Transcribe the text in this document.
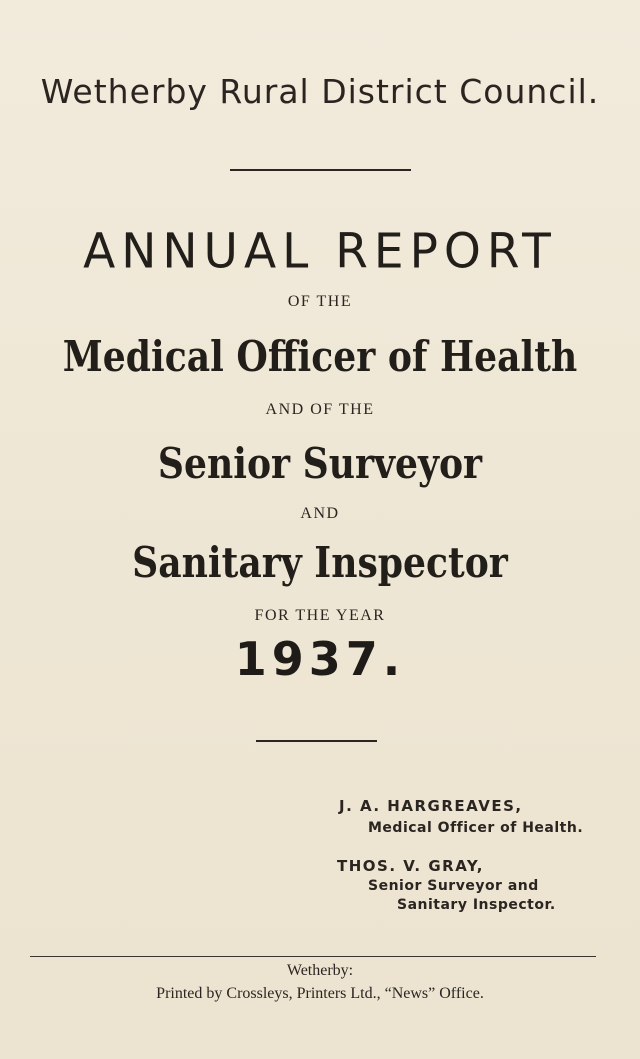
Wetherby Rural District Council.
ANNUAL REPORT
OF THE
Medical Officer of Health
AND OF THE
Senior Surveyor
AND
Sanitary Inspector
FOR THE YEAR
1937.
J. A. HARGREAVES,
Medical Officer of Health.
THOS. V. GRAY,
Senior Surveyor and
Sanitary Inspector.
Wetherby:
Printed by Crossleys, Printers Ltd., “News” Office.
